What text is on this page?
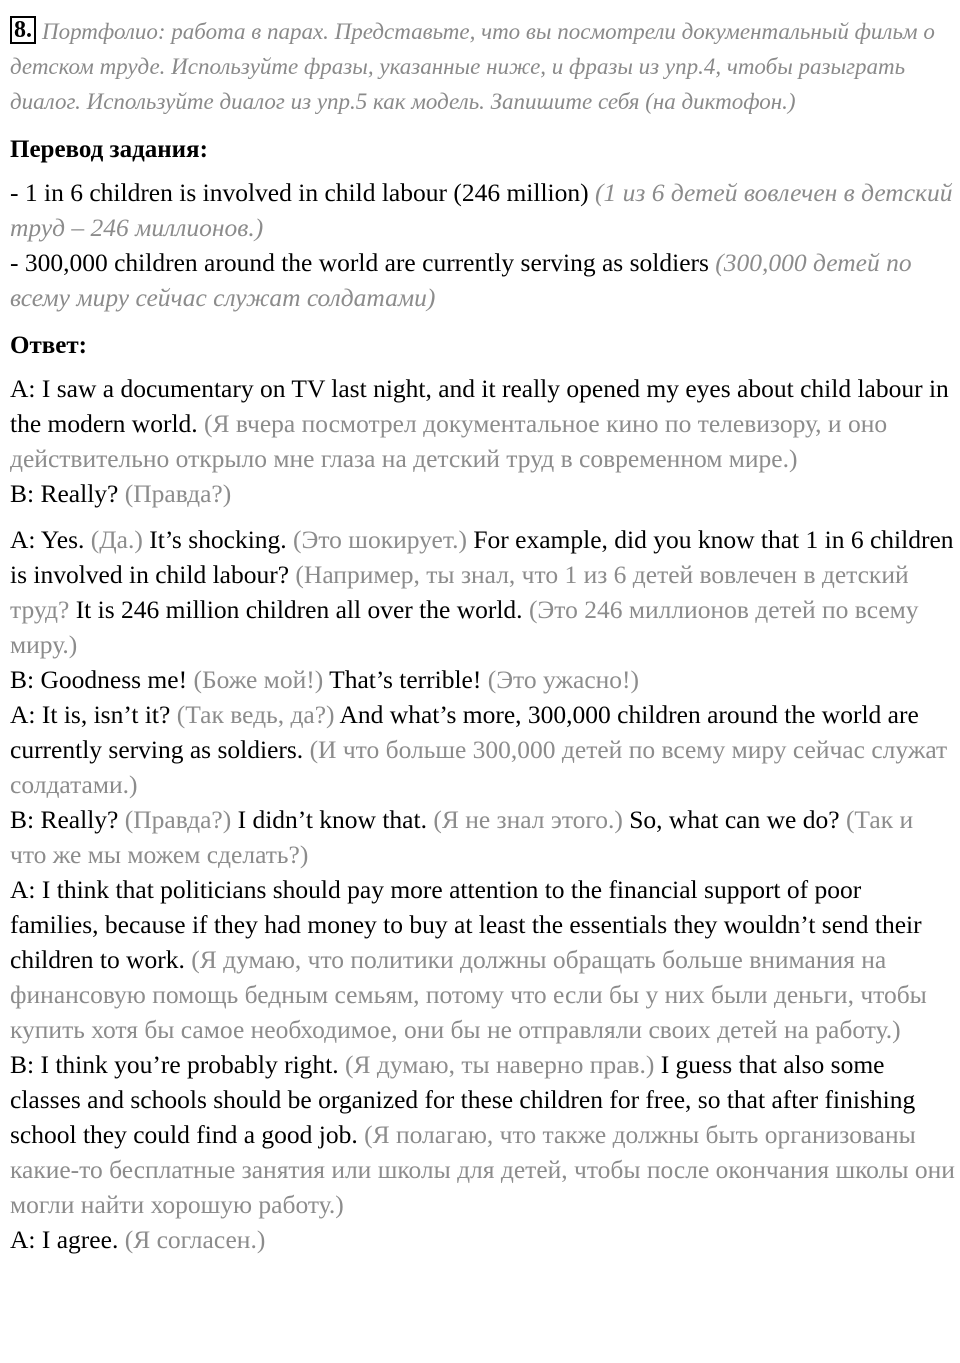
8. Портфолио: работа в парах. Представьте, что вы посмотрели документальный фильм о детском труде. Используйте фразы, указанные ниже, и фразы из упр.4, чтобы разыграть диалог. Используйте диалог из упр.5 как модель. Запишите себя (на диктофон.)

Перевод задания:

- 1 in 6 children is involved in child labour (246 million) (1 из 6 детей вовлечен в детский труд – 246 миллионов.)

- 300,000 children around the world are currently serving as soldiers (300,000 детей по всему миру сейчас служат солдатами)

Ответ:

A: I saw a documentary on TV last night, and it really opened my eyes about child labour in the modern world. (Я вчера посмотрел документальное кино по телевизору, и оно действительно открыло мне глаза на детский труд в современном мире.)

B: Really? (Правда?)

A: Yes. (Да.) It’s shocking. (Это шокирует.) For example, did you know that 1 in 6 children is involved in child labour? (Например, ты знал, что 1 из 6 детей вовлечен в детский труд? It is 246 million children all over the world. (Это 246 миллионов детей по всему миру.)

B: Goodness me! (Боже мой!) That’s terrible! (Это ужасно!)

A: It is, isn’t it? (Так ведь, да?) And what’s more, 300,000 children around the world are currently serving as soldiers. (И что больше 300,000 детей по всему миру сейчас служат солдатами.)

B: Really? (Правда?) I didn’t know that. (Я не знал этого.) So, what can we do? (Так и что же мы можем сделать?)

A: I think that politicians should pay more attention to the financial support of poor families, because if they had money to buy at least the essentials they wouldn’t send their children to work. (Я думаю, что политики должны обращать больше внимания на финансовую помощь бедным семьям, потому что если бы у них были деньги, чтобы купить хотя бы самое необходимое, они бы не отправляли своих детей на работу.)

B: I think you’re probably right. (Я думаю, ты наверно прав.) I guess that also some classes and schools should be organized for these children for free, so that after finishing school they could find a good job. (Я полагаю, что также должны быть организованы какие-то бесплатные занятия или школы для детей, чтобы после окончания школы они могли найти хорошую работу.)

A: I agree. (Я согласен.)
